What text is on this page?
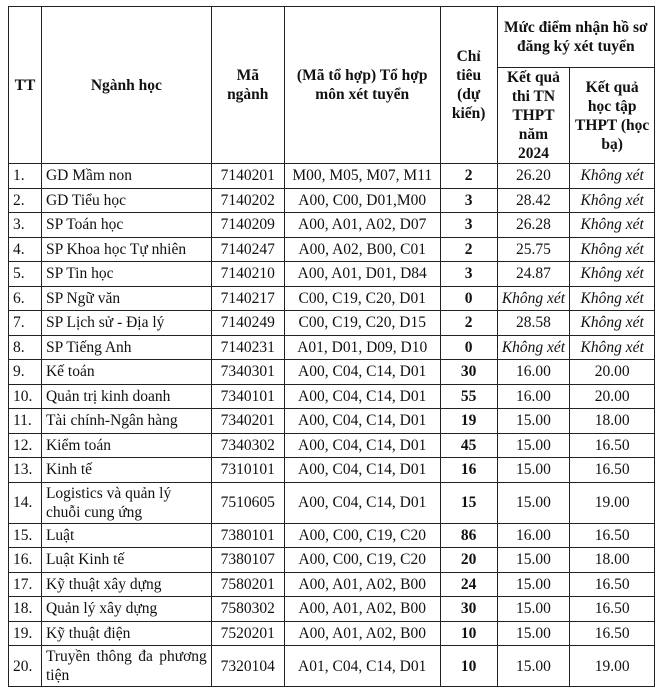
TT	Ngành học	Mã ngành	(Mã tổ hợp) Tổ hợp môn xét tuyển	Chỉ tiêu (dự kiến)	Mức điểm nhận hồ sơ đăng ký xét tuyển	
					Kết quả thi TN THPT năm 2024	Kết quả học tập THPT (học bạ)
1.	GD Mầm non	7140201	M00, M05, M07, M11	2	26.20	Không xét
2.	GD Tiểu học	7140202	A00, C00, D01,M00	3	28.42	Không xét
3.	SP Toán học	7140209	A00, A01, A02, D07	3	26.28	Không xét
4.	SP Khoa học Tự nhiên	7140247	A00, A02, B00, C01	2	25.75	Không xét
5.	SP Tin học	7140210	A00, A01, D01, D84	3	24.87	Không xét
6.	SP Ngữ văn	7140217	C00, C19, C20, D01	0	Không xét	Không xét
7.	SP Lịch sử - Địa lý	7140249	C00, C19, C20, D15	2	28.58	Không xét
8.	SP Tiếng Anh	7140231	A01, D01, D09, D10	0	Không xét	Không xét
9.	Kế toán	7340301	A00, C04, C14, D01	30	16.00	20.00
10.	Quản trị kinh doanh	7340101	A00, C04, C14, D01	55	16.00	20.00
11.	Tài chính-Ngân hàng	7340201	A00, C04, C14, D01	19	15.00	18.00
12.	Kiểm toán	7340302	A00, C04, C14, D01	45	15.00	16.50
13.	Kinh tế	7310101	A00, C04, C14, D01	16	15.00	16.50
14.	Logistics và quản lý chuỗi cung ứng	7510605	A00, C04, C14, D01	15	15.00	19.00
15.	Luật	7380101	A00, C00, C19, C20	86	16.00	16.50
16.	Luật Kinh tế	7380107	A00, C00, C19, C20	20	15.00	18.00
17.	Kỹ thuật xây dựng	7580201	A00, A01, A02, B00	24	15.00	16.50
18.	Quản lý xây dựng	7580302	A00, A01, A02, B00	30	15.00	16.50
19.	Kỹ thuật điện	7520201	A00, A01, A02, B00	10	15.00	16.50
20.	Truyền thông đa phương tiện	7320104	A01, C04, C14, D01	10	15.00	19.00
